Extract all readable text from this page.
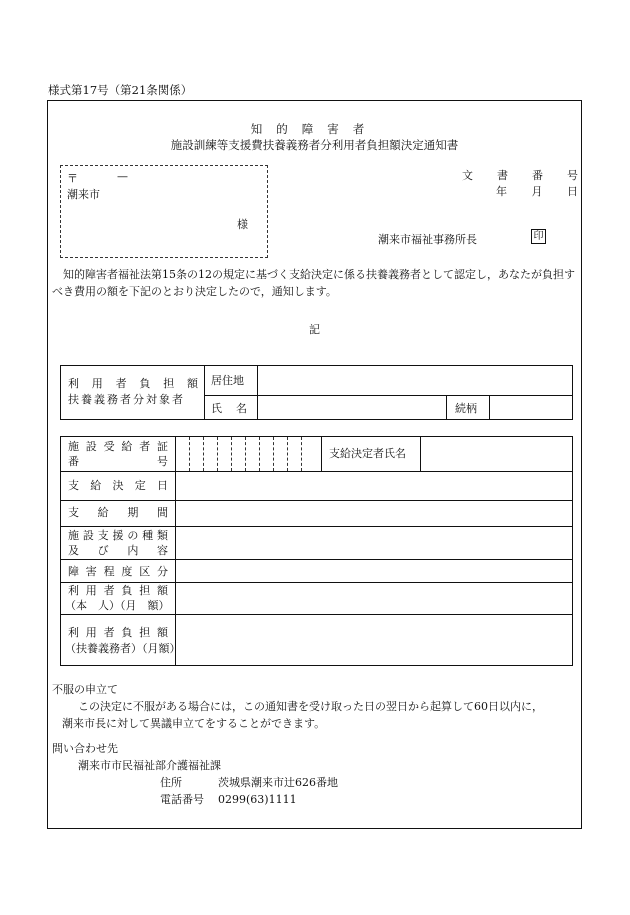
様式第17号（第21条関係）
知的障害者
施設訓練等支援費扶養義務者分利用者負担額決定通知書
〒	—
潮来市
様
文 書 番 号
年 月 日
潮来市福祉事務所長	印
知的障害者福祉法第15条の12の規定に基づく支給決定に係る扶養義務者として認定し，あなたが負担すべき費用の額を下記のとおり決定したので，通知します。
記
利 用 者 負 担 額
扶養義務者分対象者
居住地
氏 名	続柄
施 設 受 給 者 証
番	号
支給決定者氏名
支 給 決 定 日
支 給 期 間
施 設 支 援 の 種 類
及 び 内 容
障 害 程 度 区 分
利 用 者 負 担 額
（本　人）（月　額）
利 用 者 負 担 額
（扶養義務者）（月額）
不服の申立て
この決定に不服がある場合には，この通知書を受け取った日の翌日から起算して60日以内に，
潮来市長に対して異議申立てをすることができます。
問い合わせ先
潮来市市民福祉部介護福祉課
住所	茨城県潮来市辻626番地
電話番号	0299(63)1111
